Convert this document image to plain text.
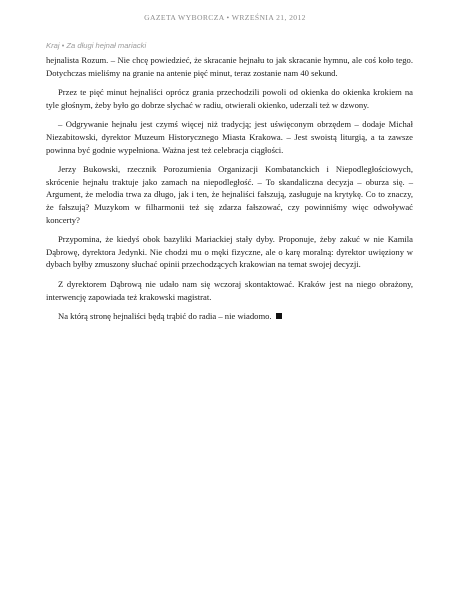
GAZETA WYBORCZA • WRZEŚNIA 21, 2012
Kraj • Za długi hejnał mariacki

hejnalista Rozum. – Nie chcę powiedzieć, że skracanie hejnału to jak skracanie hymnu, ale coś koło tego. Dotychczas mieliśmy na granie na antenie pięć minut, teraz zostanie nam 40 sekund.

Przez te pięć minut hejnaliści oprócz grania przechodzili powoli od okienka do okienka krokiem na tyle głośnym, żeby było go dobrze słychać w radiu, otwierali okienko, uderzali też w dzwony.

– Odgrywanie hejnału jest czymś więcej niż tradycją; jest uświęconym obrzędem – dodaje Michał Niezabitowski, dyrektor Muzeum Historycznego Miasta Krakowa. – Jest swoistą liturgią, a ta zawsze powinna być godnie wypełniona. Ważna jest też celebracja ciągłości.

Jerzy Bukowski, rzecznik Porozumienia Organizacji Kombatanckich i Niepodległościowych, skrócenie hejnału traktuje jako zamach na niepodległość. – To skandaliczna decyzja – oburza się. – Argument, że melodia trwa za długo, jak i ten, że hejnaliści fałszują, zasługuje na krytykę. Co to znaczy, że fałszują? Muzykom w filharmonii też się zdarza fałszować, czy powinniśmy więc odwoływać koncerty?

Przypomina, że kiedyś obok bazyliki Mariackiej stały dyby. Proponuje, żeby zakuć w nie Kamila Dąbrowę, dyrektora Jedynki. Nie chodzi mu o męki fizyczne, ale o karę moralną: dyrektor uwięziony w dybach byłby zmuszony słuchać opinii przechodzących krakowian na temat swojej decyzji.

Z dyrektorem Dąbrową nie udało nam się wczoraj skontaktować. Kraków jest na niego obrażony, interwencję zapowiada też krakowski magistrat.

Na którą stronę hejnaliści będą trąbić do radia – nie wiadomo.
